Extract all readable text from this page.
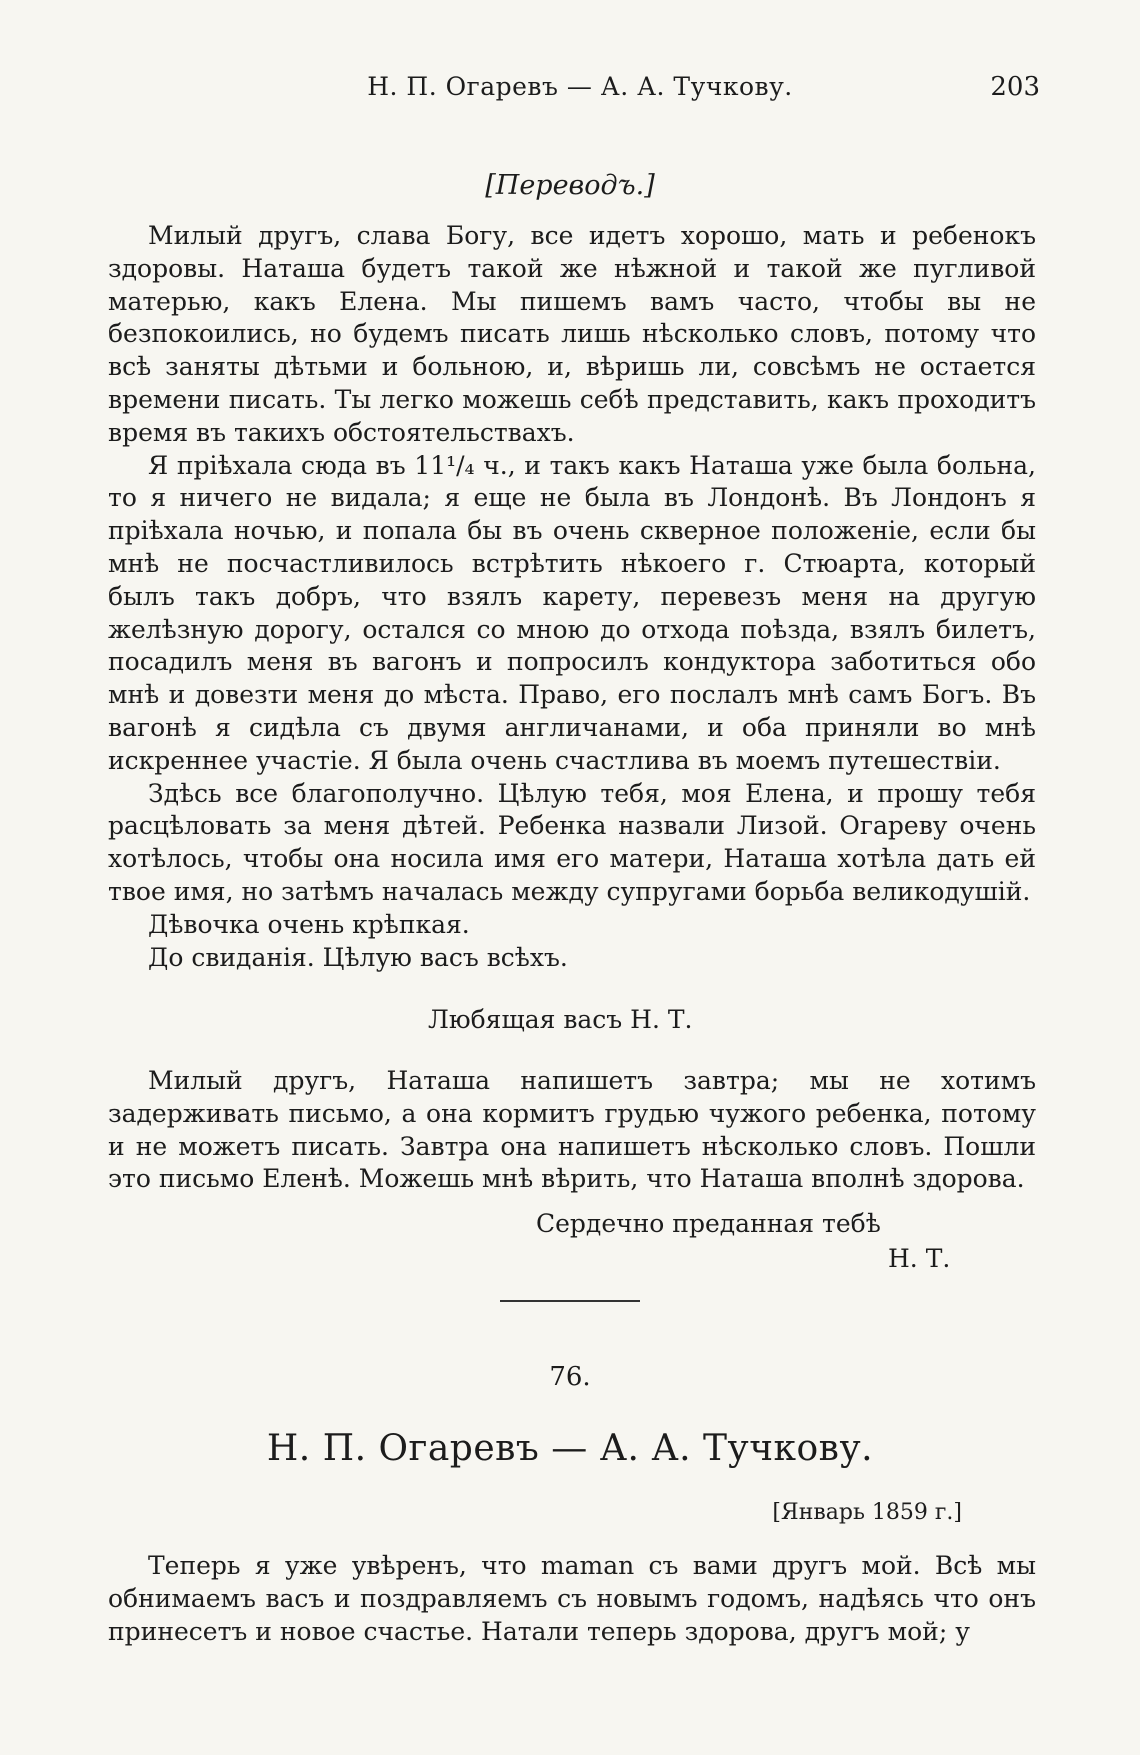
Н. П. Огаревъ — А. А. Тучкову.	203
[Переводъ.]

Милый другъ, слава Богу, все идетъ хорошо, мать и ребенокъ здоровы. Наташа будетъ такой же нѣжной и такой же пугливой матерью, какъ Елена. Мы пишемъ вамъ часто, чтобы вы не безпокоились, но будемъ писать лишь нѣсколько словъ, потому что всѣ заняты дѣтьми и больною, и, вѣришь ли, совсѣмъ не остается времени писать. Ты легко можешь себѣ представить, какъ проходитъ время въ такихъ обстоятельствахъ.

Я прiѣхала сюда въ 11¹/₄ ч., и такъ какъ Наташа уже была больна, то я ничего не видала; я еще не была въ Лондонѣ. Въ Лондонъ я прiѣхала ночью, и попала бы въ очень скверное положенiе, если бы мнѣ не посчастливилось встрѣтить нѣкоего г. Стюарта, который былъ такъ добръ, что взялъ карету, перевезъ меня на другую желѣзную дорогу, остался со мною до отхода поѣзда, взялъ билетъ, посадилъ меня въ вагонъ и попросилъ кондуктора заботиться обо мнѣ и довезти меня до мѣста. Право, его послалъ мнѣ самъ Богъ. Въ вагонѣ я сидѣла съ двумя англичанами, и оба приняли во мнѣ искреннее участiе. Я была очень счастлива въ моемъ путешествiи.

Здѣсь все благополучно. Цѣлую тебя, моя Елена, и прошу тебя расцѣловать за меня дѣтей. Ребенка назвали Лизой. Огареву очень хотѣлось, чтобы она носила имя его матери, Наташа хотѣла дать ей твое имя, но затѣмъ началась между супругами борьба великодушiй.

Дѣвочка очень крѣпкая.

До свиданiя. Цѣлую васъ всѣхъ.

Любящая васъ Н. Т.

Милый другъ, Наташа напишетъ завтра; мы не хотимъ задерживать письмо, а она кормитъ грудью чужого ребенка, потому и не можетъ писать. Завтра она напишетъ нѣсколько словъ. Пошли это письмо Еленѣ. Можешь мнѣ вѣрить, что Наташа вполнѣ здорова.

Сердечно преданная тебѣ
Н. Т.
76.
Н. П. Огаревъ — А. А. Тучкову.
[Январь 1859 г.]

Теперь я уже увѣренъ, что maman съ вами другъ мой. Всѣ мы обнимаемъ васъ и поздравляемъ съ новымъ годомъ, надѣясь что онъ принесетъ и новое счастье. Натали теперь здорова, другъ мой; у
